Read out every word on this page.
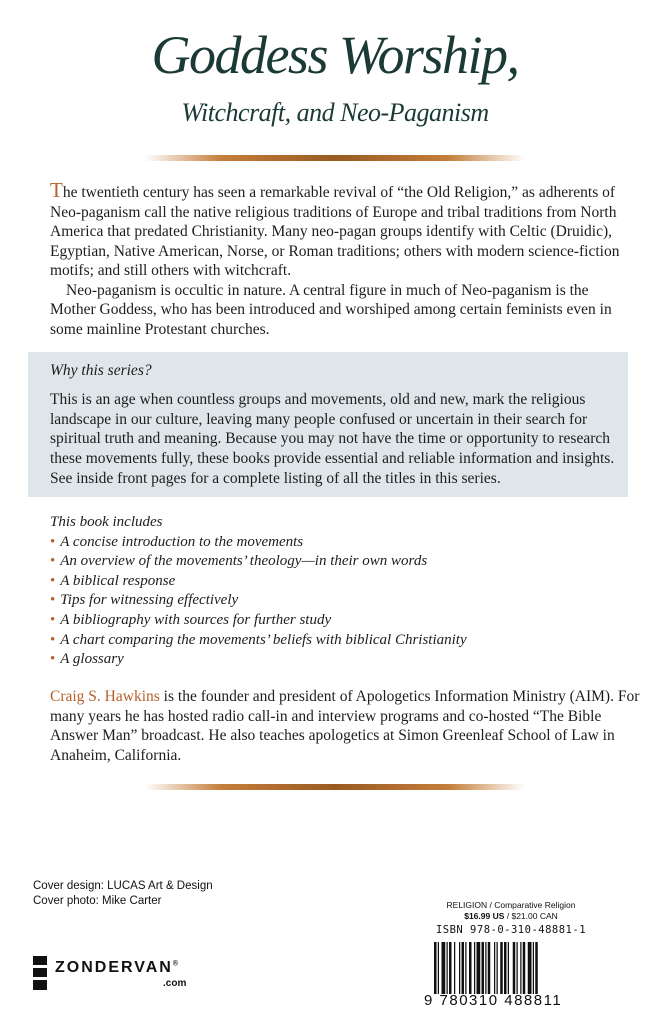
Goddess Worship,
Witchcraft, and Neo-Paganism

The twentieth century has seen a remarkable revival of “the Old Religion,” as adherents of Neo-paganism call the native religious traditions of Europe and tribal traditions from North America that predated Christianity. Many neo-pagan groups identify with Celtic (Druidic), Egyptian, Native American, Norse, or Roman traditions; others with modern science-fiction motifs; and still others with witchcraft.

Neo-paganism is occultic in nature. A central figure in much of Neo-paganism is the Mother Goddess, who has been introduced and worshiped among certain feminists even in some mainline Protestant churches.

Why this series?
This is an age when countless groups and movements, old and new, mark the religious landscape in our culture, leaving many people confused or uncertain in their search for spiritual truth and meaning. Because you may not have the time or opportunity to research these movements fully, these books provide essential and reliable information and insights. See inside front pages for a complete listing of all the titles in this series.
This book includes
• A concise introduction to the movements
• An overview of the movements’ theology—in their own words
• A biblical response
• Tips for witnessing effectively
• A bibliography with sources for further study
• A chart comparing the movements’ beliefs with biblical Christianity
• A glossary
Craig S. Hawkins is the founder and president of Apologetics Information Ministry (AIM). For many years he has hosted radio call-in and interview programs and co-hosted “The Bible Answer Man” broadcast. He also teaches apologetics at Simon Greenleaf School of Law in Anaheim, California.
Cover design: LUCAS Art & Design
Cover photo: Mike Carter
ZONDERVAN®
.com
RELIGION / Comparative Religion
$16.99 US / $21.00 CAN
ISBN 978-0-310-48881-1
9 780310 488811
